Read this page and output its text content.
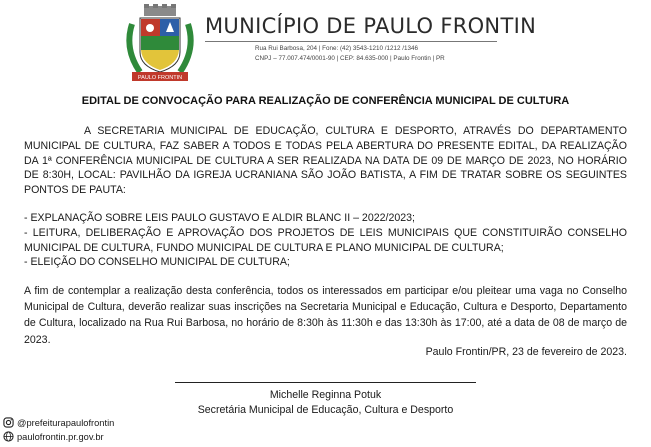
PAULO FRONTIN
MUNICÍPIO DE PAULO FRONTIN
Rua Rui Barbosa, 204 | Fone: (42) 3543-1210 /1212 /1346
CNPJ – 77.007.474/0001-90 | CEP: 84.635-000 | Paulo Frontin | PR
EDITAL DE CONVOCAÇÃO PARA REALIZAÇÃO DE CONFERÊNCIA MUNICIPAL DE CULTURA
A SECRETARIA MUNICIPAL DE EDUCAÇÃO, CULTURA E DESPORTO, ATRAVÉS DO DEPARTAMENTO MUNICIPAL DE CULTURA, FAZ SABER A TODOS E TODAS PELA ABERTURA DO PRESENTE EDITAL, DA REALIZAÇÃO DA 1ª CONFERÊNCIA MUNICIPAL DE CULTURA A SER REALIZADA NA DATA DE 09 DE MARÇO DE 2023, NO HORÁRIO DE 8:30H, LOCAL: PAVILHÃO DA IGREJA UCRANIANA SÃO JOÃO BATISTA, A FIM DE TRATAR SOBRE OS SEGUINTES PONTOS DE PAUTA:
- EXPLANAÇÃO SOBRE LEIS PAULO GUSTAVO E ALDIR BLANC II – 2022/2023;
- LEITURA, DELIBERAÇÃO E APROVAÇÃO DOS PROJETOS DE LEIS MUNICIPAIS QUE CONSTITUIRÃO CONSELHO MUNICIPAL DE CULTURA, FUNDO MUNICIPAL DE CULTURA E PLANO MUNICIPAL DE CULTURA;
- ELEIÇÃO DO CONSELHO MUNICIPAL DE CULTURA;
A fim de contemplar a realização desta conferência, todos os interessados em participar e/ou pleitear uma vaga no Conselho Municipal de Cultura, deverão realizar suas inscrições na Secretaria Municipal e Educação, Cultura e Desporto, Departamento de Cultura, localizado na Rua Rui Barbosa, no horário de 8:30h às 11:30h e das 13:30h às 17:00, até a data de 08 de março de 2023.
Paulo Frontin/PR, 23 de fevereiro de 2023.
Michelle Reginna Potuk
Secretária Municipal de Educação, Cultura e Desporto
@prefeiturapaulofrontin
paulofrontin.pr.gov.br
